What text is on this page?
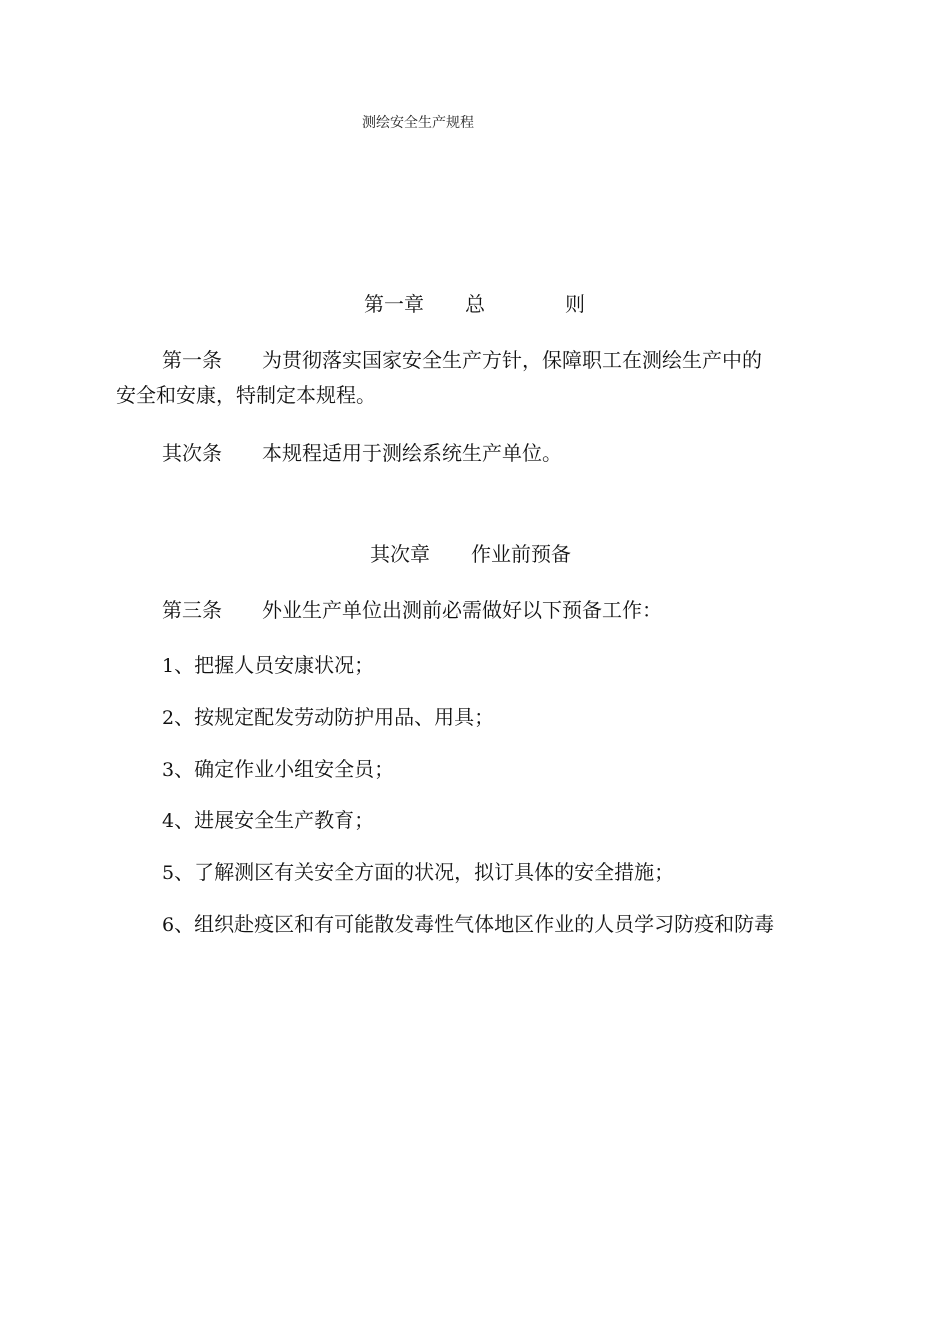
测绘安全生产规程
第一章 总	则
第一条 为贯彻落实国家安全生产方针，保障职工在测绘生产中的
安全和安康，特制定本规程。
其次条 本规程适用于测绘系统生产单位。
其次章 作业前预备
第三条 外业生产单位出测前必需做好以下预备工作：
1、把握人员安康状况；
2、按规定配发劳动防护用品、用具；
3、确定作业小组安全员；
4、进展安全生产教育；
5、了解测区有关安全方面的状况，拟订具体的安全措施；
6、组织赴疫区和有可能散发毒性气体地区作业的人员学习防疫和防毒
